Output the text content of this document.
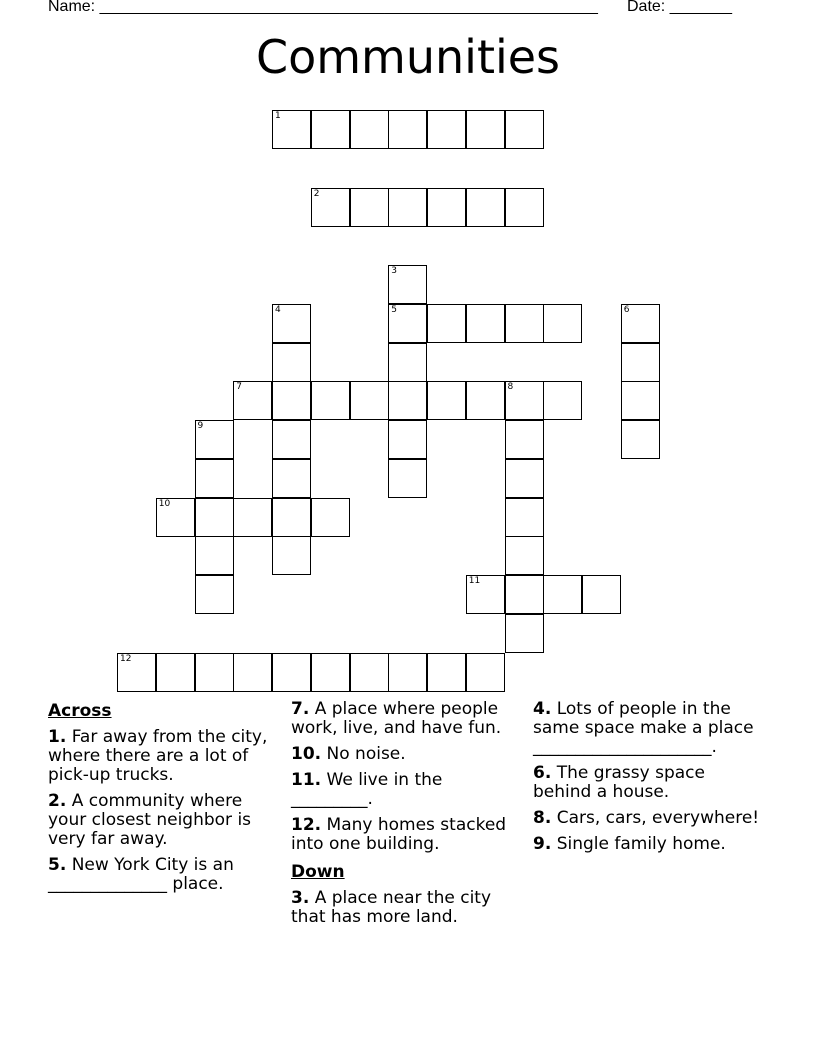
Name: ________________________________________________________ Date: _______
Communities
1
2
3
4	5	6
7	8
9
10
11
12
Across
1. Far away from the city, where there are a lot of pick-up trucks.
2. A community where your closest neighbor is very far away.
5. New York City is an ______________ place.
7. A place where people work, live, and have fun.
10. No noise.
11. We live in the _________.
12. Many homes stacked into one building.
Down
3. A place near the city that has more land.
4. Lots of people in the same space make a place _____________________.
6. The grassy space behind a house.
8. Cars, cars, everywhere!
9. Single family home.
